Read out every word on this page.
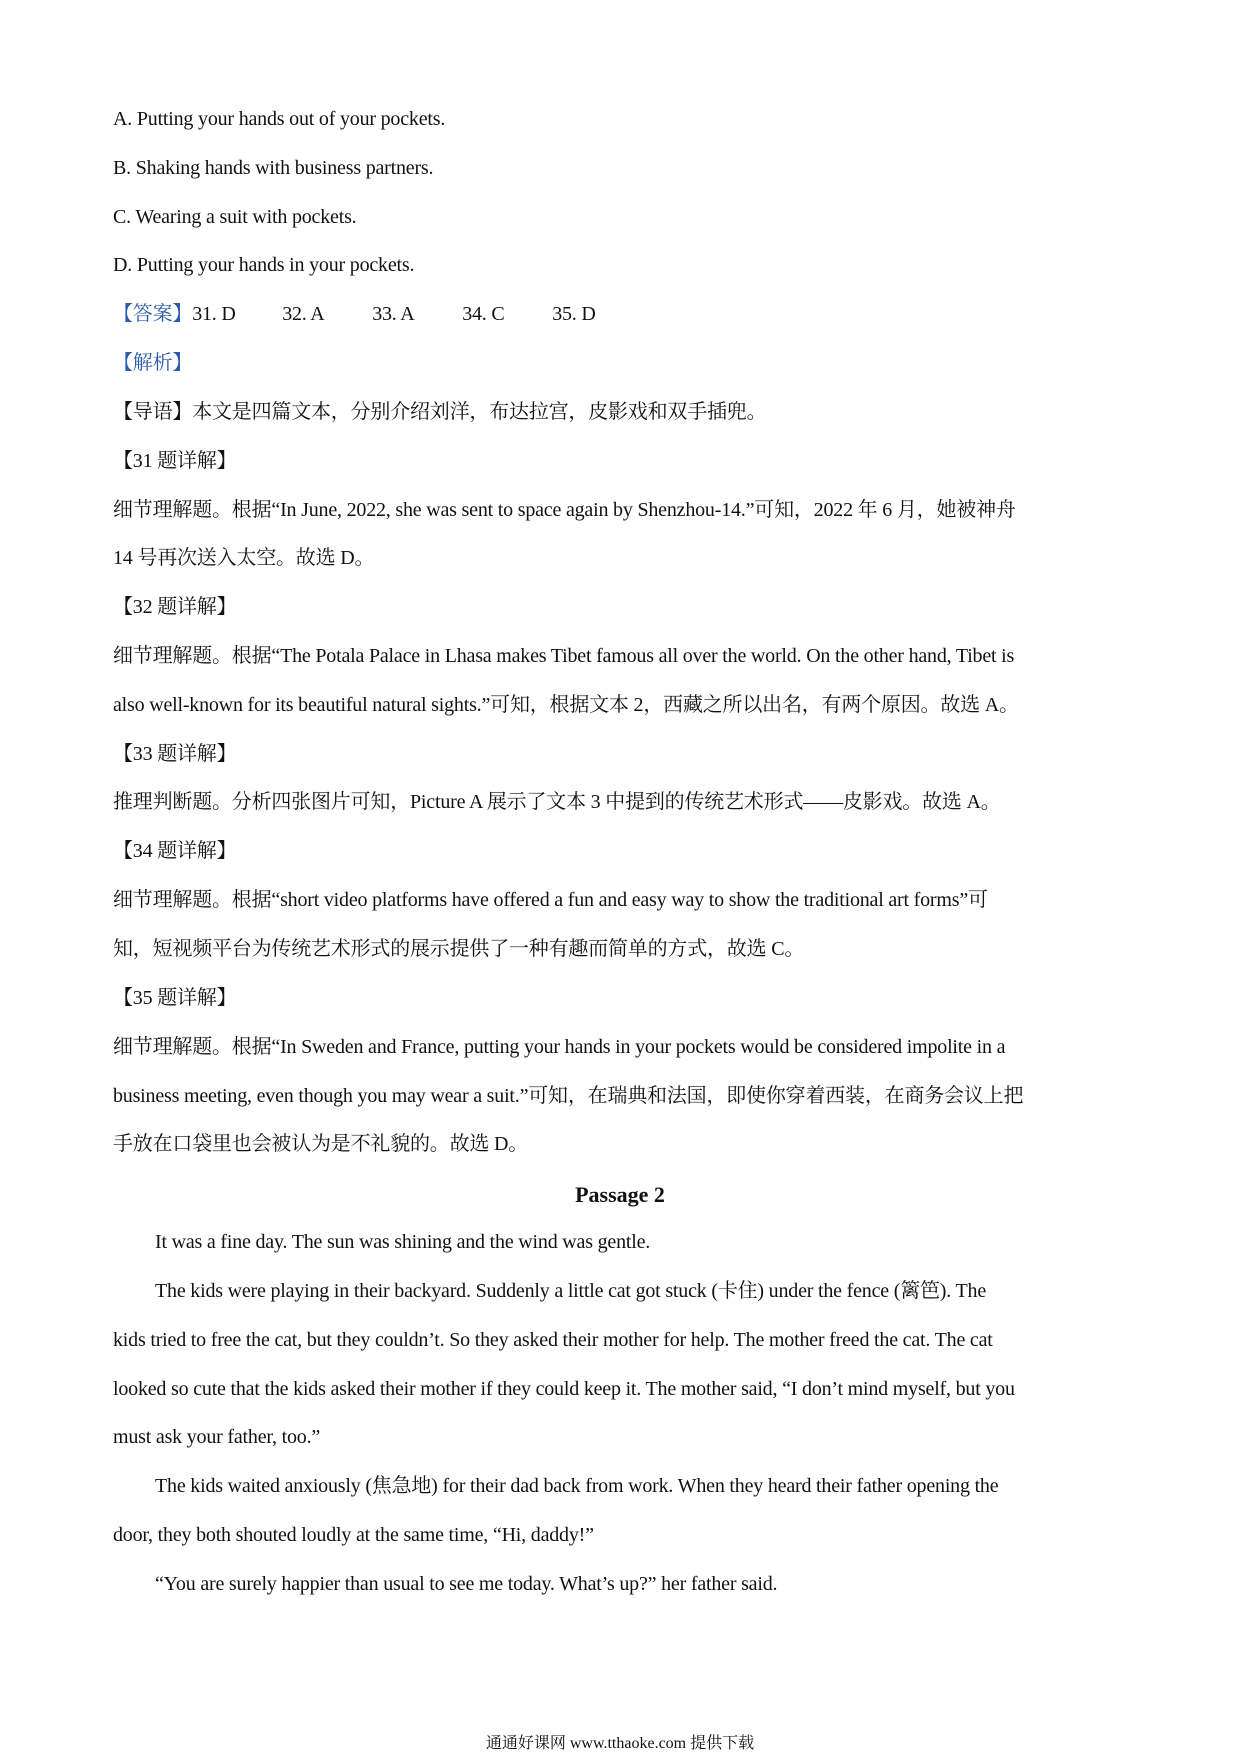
A. Putting your hands out of your pockets.
B. Shaking hands with business partners.
C. Wearing a suit with pockets.
D. Putting your hands in your pockets.
【答案】31. D 32. A 33. A 34. C 35. D
【解析】
【导语】本文是四篇文本，分别介绍刘洋，布达拉宫，皮影戏和双手插兜。
【31 题详解】
细节理解题。根据“In June, 2022, she was sent to space again by Shenzhou-14.”可知，2022 年 6 月，她被神舟
14 号再次送入太空。故选 D。
【32 题详解】
细节理解题。根据“The Potala Palace in Lhasa makes Tibet famous all over the world. On the other hand, Tibet is
also well-known for its beautiful natural sights.”可知，根据文本 2，西藏之所以出名，有两个原因。故选 A。
【33 题详解】
推理判断题。分析四张图片可知，Picture A 展示了文本 3 中提到的传统艺术形式——皮影戏。故选 A。
【34 题详解】
细节理解题。根据“short video platforms have offered a fun and easy way to show the traditional art forms”可
知，短视频平台为传统艺术形式的展示提供了一种有趣而简单的方式，故选 C。
【35 题详解】
细节理解题。根据“In Sweden and France, putting your hands in your pockets would be considered impolite in a
business meeting, even though you may wear a suit.”可知，在瑞典和法国，即使你穿着西装，在商务会议上把
手放在口袋里也会被认为是不礼貌的。故选 D。
Passage 2
It was a fine day. The sun was shining and the wind was gentle.
The kids were playing in their backyard. Suddenly a little cat got stuck (卡住) under the fence (篱笆). The
kids tried to free the cat, but they couldn’t. So they asked their mother for help. The mother freed the cat. The cat
looked so cute that the kids asked their mother if they could keep it. The mother said, “I don’t mind myself, but you
must ask your father, too.”
The kids waited anxiously (焦急地) for their dad back from work. When they heard their father opening the
door, they both shouted loudly at the same time, “Hi, daddy!”
“You are surely happier than usual to see me today. What’s up?” her father said.
通通好课网 www.tthaoke.com 提供下载
